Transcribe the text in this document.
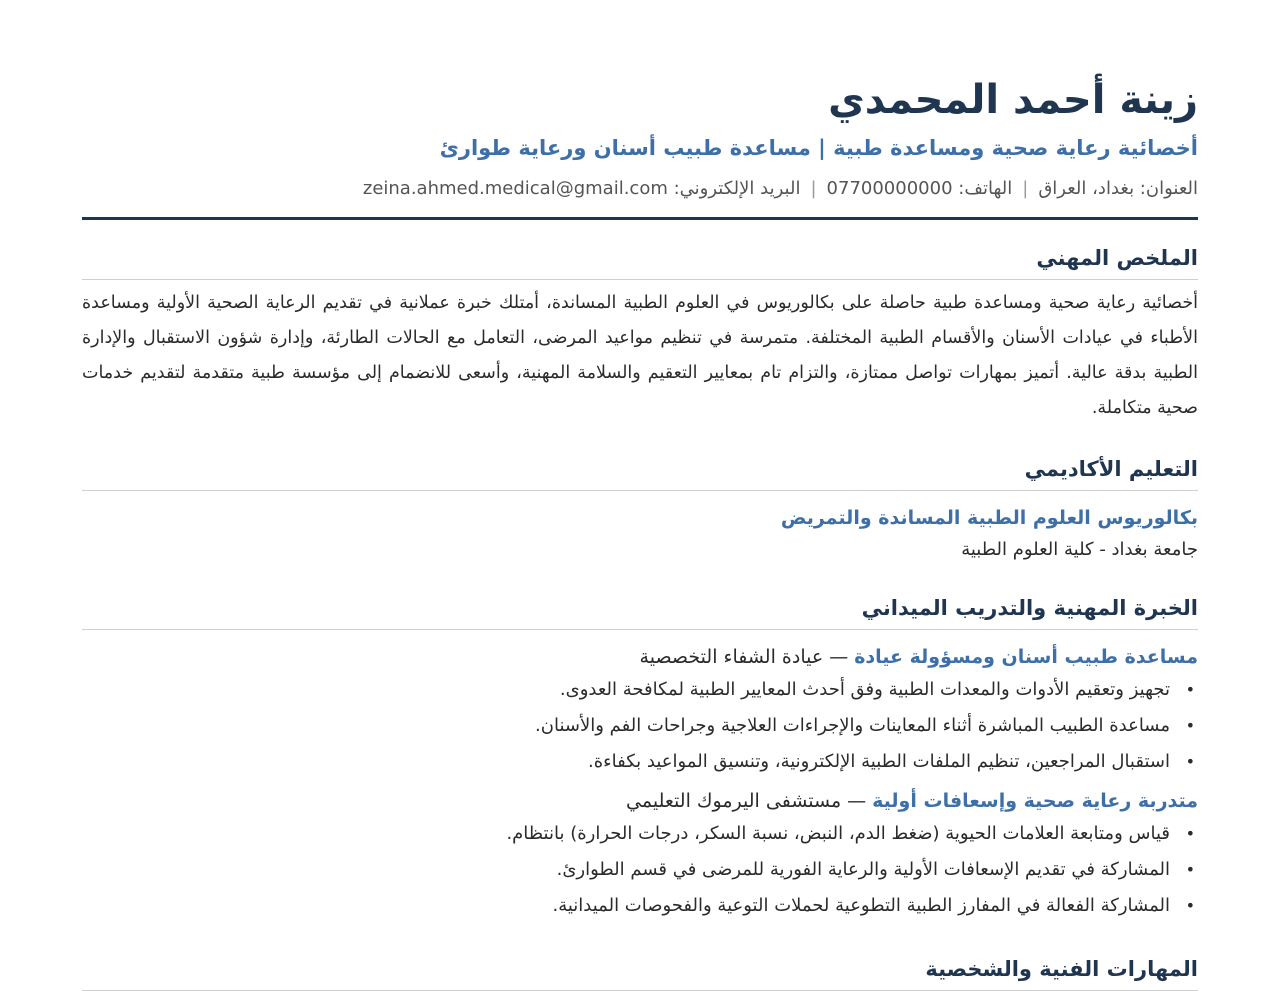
زينة أحمد المحمدي
أخصائية رعاية صحية ومساعدة طبية | مساعدة طبيب أسنان ورعاية طوارئ
العنوان: بغداد، العراق|الهاتف: 07700000000|البريد الإلكتروني: zeina.ahmed.medical@gmail.com
الملخص المهني
أخصائية رعاية صحية ومساعدة طبية حاصلة على بكالوريوس في العلوم الطبية المساندة، أمتلك خبرة عملانية في تقديم الرعاية الصحية الأولية ومساعدة الأطباء في عيادات الأسنان والأقسام الطبية المختلفة. متمرسة في تنظيم مواعيد المرضى، التعامل مع الحالات الطارئة، وإدارة شؤون الاستقبال والإدارة الطبية بدقة عالية. أتميز بمهارات تواصل ممتازة، والتزام تام بمعايير التعقيم والسلامة المهنية، وأسعى للانضمام إلى مؤسسة طبية متقدمة لتقديم خدمات صحية متكاملة.
التعليم الأكاديمي
بكالوريوس العلوم الطبية المساندة والتمريض
جامعة بغداد - كلية العلوم الطبية
الخبرة المهنية والتدريب الميداني
مساعدة طبيب أسنان ومسؤولة عيادة—عيادة الشفاء التخصصية
•
تجهيز وتعقيم الأدوات والمعدات الطبية وفق أحدث المعايير الطبية لمكافحة العدوى.
•
مساعدة الطبيب المباشرة أثناء المعاينات والإجراءات العلاجية وجراحات الفم والأسنان.
•
استقبال المراجعين، تنظيم الملفات الطبية الإلكترونية، وتنسيق المواعيد بكفاءة.
متدربة رعاية صحية وإسعافات أولية—مستشفى اليرموك التعليمي
•
قياس ومتابعة العلامات الحيوية (ضغط الدم، النبض، نسبة السكر، درجات الحرارة) بانتظام.
•
المشاركة في تقديم الإسعافات الأولية والرعاية الفورية للمرضى في قسم الطوارئ.
•
المشاركة الفعالة في المفارز الطبية التطوعية لحملات التوعية والفحوصات الميدانية.
المهارات الفنية والشخصية
